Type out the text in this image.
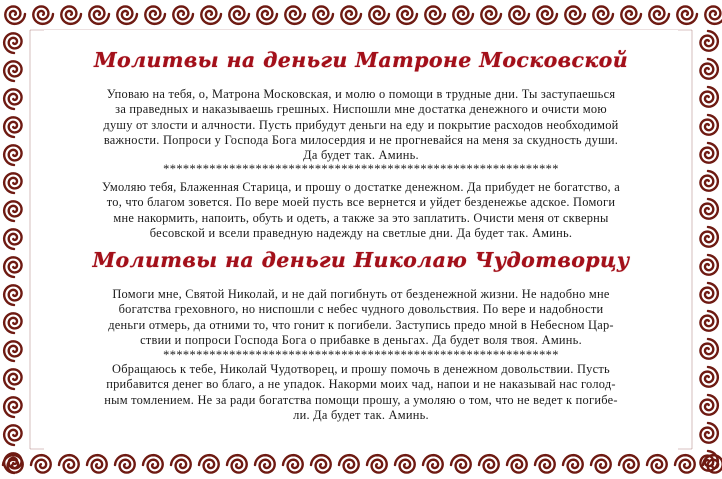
Молитвы на деньги Матроне Московской
Уповаю на тебя, о, Матрона Московская, и молю о помощи в трудные дни. Ты заступаешься
за праведных и наказываешь грешных. Ниспошли мне достатка денежного и очисти мою
душу от злости и алчности. Пусть прибудут деньги на еду и покрытие расходов необходимой
важности. Попроси у Господа Бога милосердия и не прогневайся на меня за скудность души.
Да будет так. Аминь.
************************************************************
Умоляю тебя, Блаженная Старица, и прошу о достатке денежном. Да прибудет не богатство, а
то, что благом зовется. По вере моей пусть все вернется и уйдет безденежье адское. Помоги
мне накормить, напоить, обуть и одеть, а также за это заплатить. Очисти меня от скверны
бесовской и всели праведную надежду на светлые дни. Да будет так. Аминь.
Молитвы на деньги Николаю Чудотворцу
Помоги мне, Святой Николай, и не дай погибнуть от безденежной жизни. Не надобно мне
богатства греховного, но ниспошли с небес чудного довольствия. По вере и надобности
деньги отмерь, да отними то, что гонит к погибели. Заступись предо мной в Небесном Цар-
ствии и попроси Господа Бога о прибавке в деньгах. Да будет воля твоя. Аминь.
************************************************************
Обращаюсь к тебе, Николай Чудотворец, и прошу помочь в денежном довольствии. Пусть
прибавится денег во благо, а не упадок. Накорми моих чад, напои и не наказывай нас голод-
ным томлением. Не за ради богатства помощи прошу, а умоляю о том, что не ведет к погибе-
ли. Да будет так. Аминь.
